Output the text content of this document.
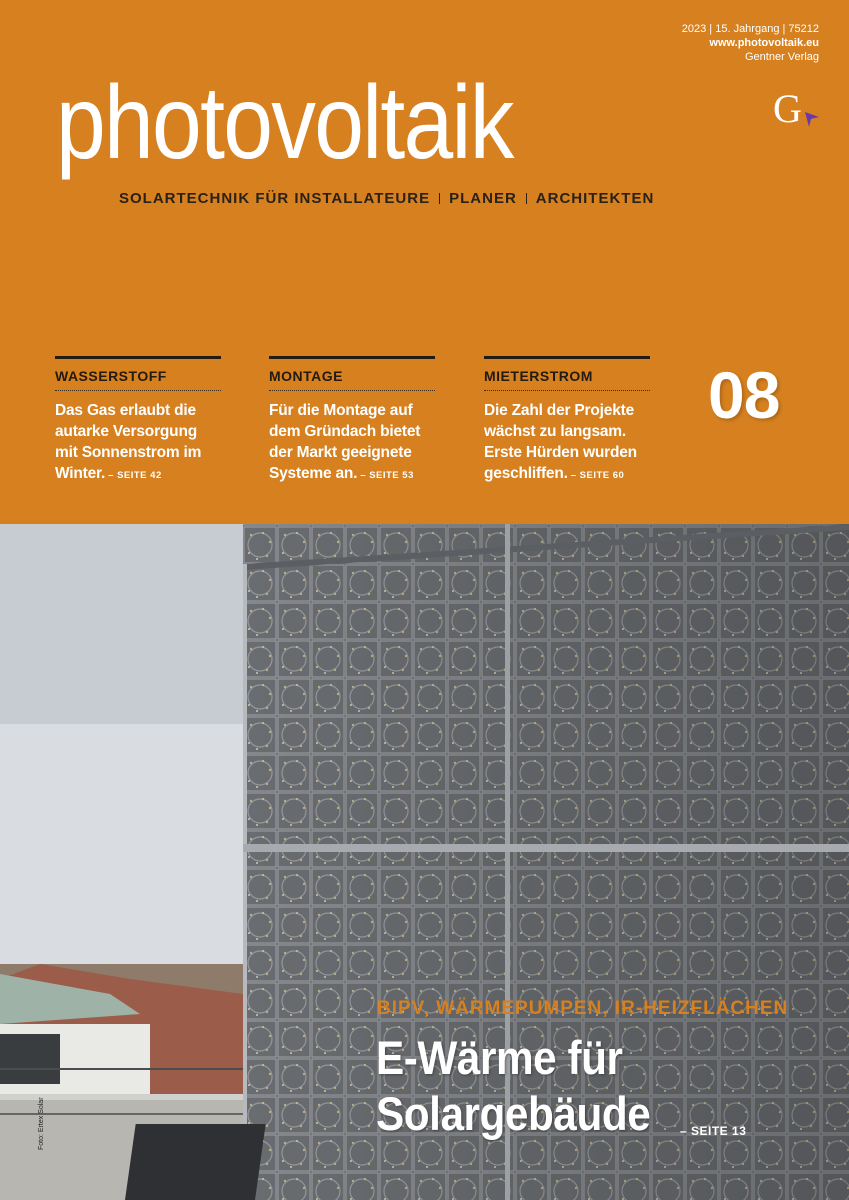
2023 | 15. Jahrgang | 75212
www.photovoltaik.eu
Gentner Verlag
G
photovoltaik
SOLARTECHNIK FÜR INSTALLATEURE PLANER ARCHITEKTEN
WASSERSTOFF
Das Gas erlaubt die autarke Versorgung mit Sonnenstrom im Winter. – SEITE 42
MONTAGE
Für die Montage auf dem Gründach bietet der Markt geeignete Systeme an. – SEITE 53
MIETERSTROM
Die Zahl der Projekte wächst zu langsam. Erste Hürden wurden geschliffen. – SEITE 60
08
BIPV, WÄRMEPUMPEN, IR-HEIZFLÄCHEN
E-Wärme für
Solargebäude – SEITE 13
Foto: Ertex Solar
